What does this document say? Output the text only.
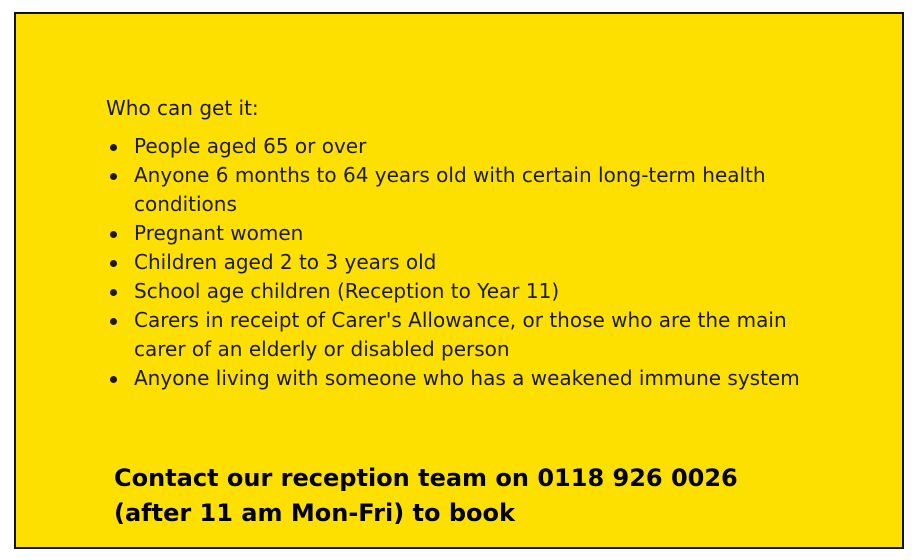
Who can get it:
People aged 65 or over
Anyone 6 months to 64 years old with certain long-term health conditions
Pregnant women
Children aged 2 to 3 years old
School age children (Reception to Year 11)
Carers in receipt of Carer's Allowance, or those who are the main carer of an elderly or disabled person
Anyone living with someone who has a weakened immune system

Contact our reception team on 0118 926 0026
(after 11 am Mon-Fri) to book
